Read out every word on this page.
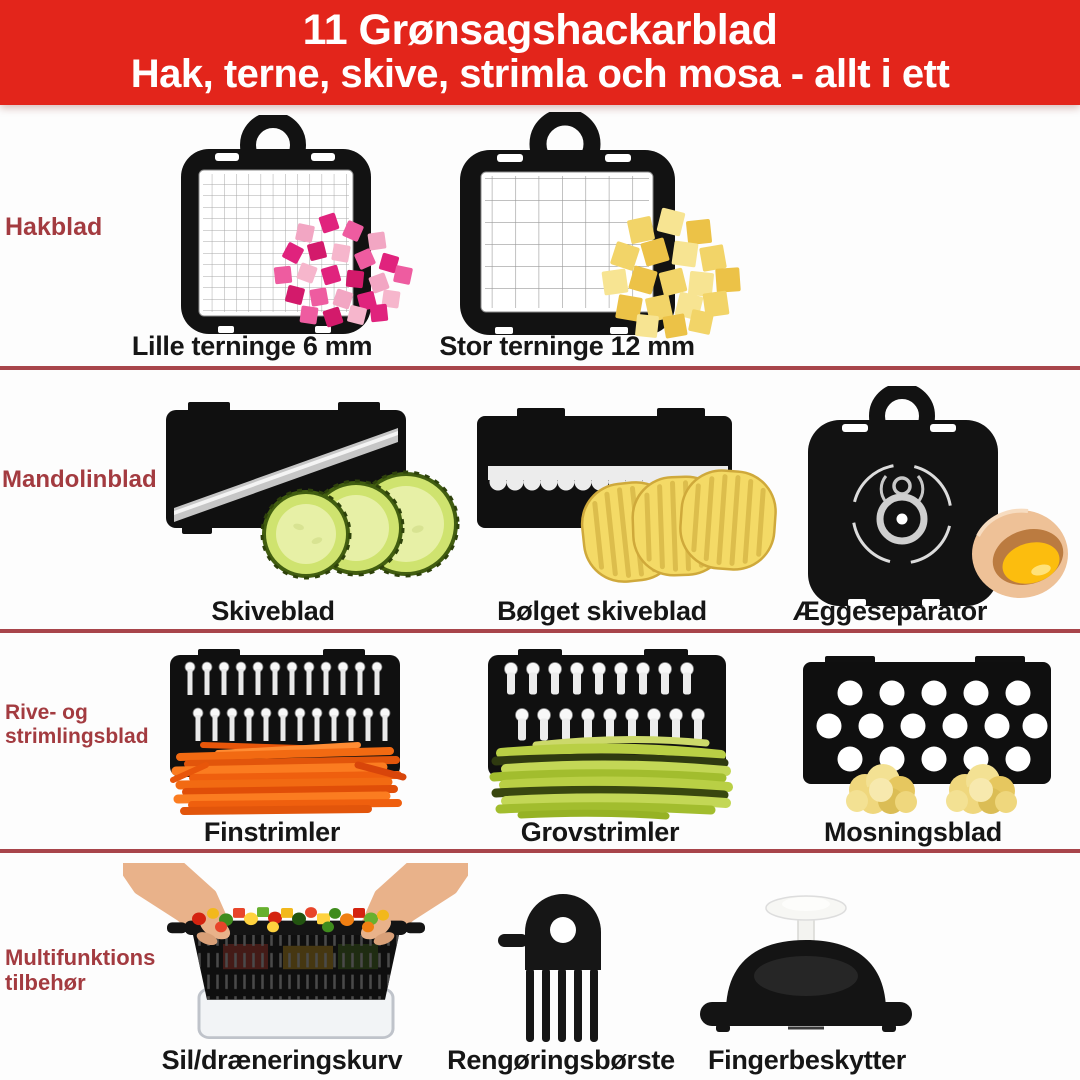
11 Grønsagshackarblad
Hak, terne, skive, strimla och mosa - allt i ett
Hakblad
Lille terninge 6 mm	Stor terninge 12 mm
Mandolinblad
Skiveblad	Bølget skiveblad	Æggeseparator
Rive- og strimlingsblad
Finstrimler	Grovstrimler	Mosningsblad
Multifunktions tilbehør
Sil/dræneringskurv	Rengøringsbørste	Fingerbeskytter
